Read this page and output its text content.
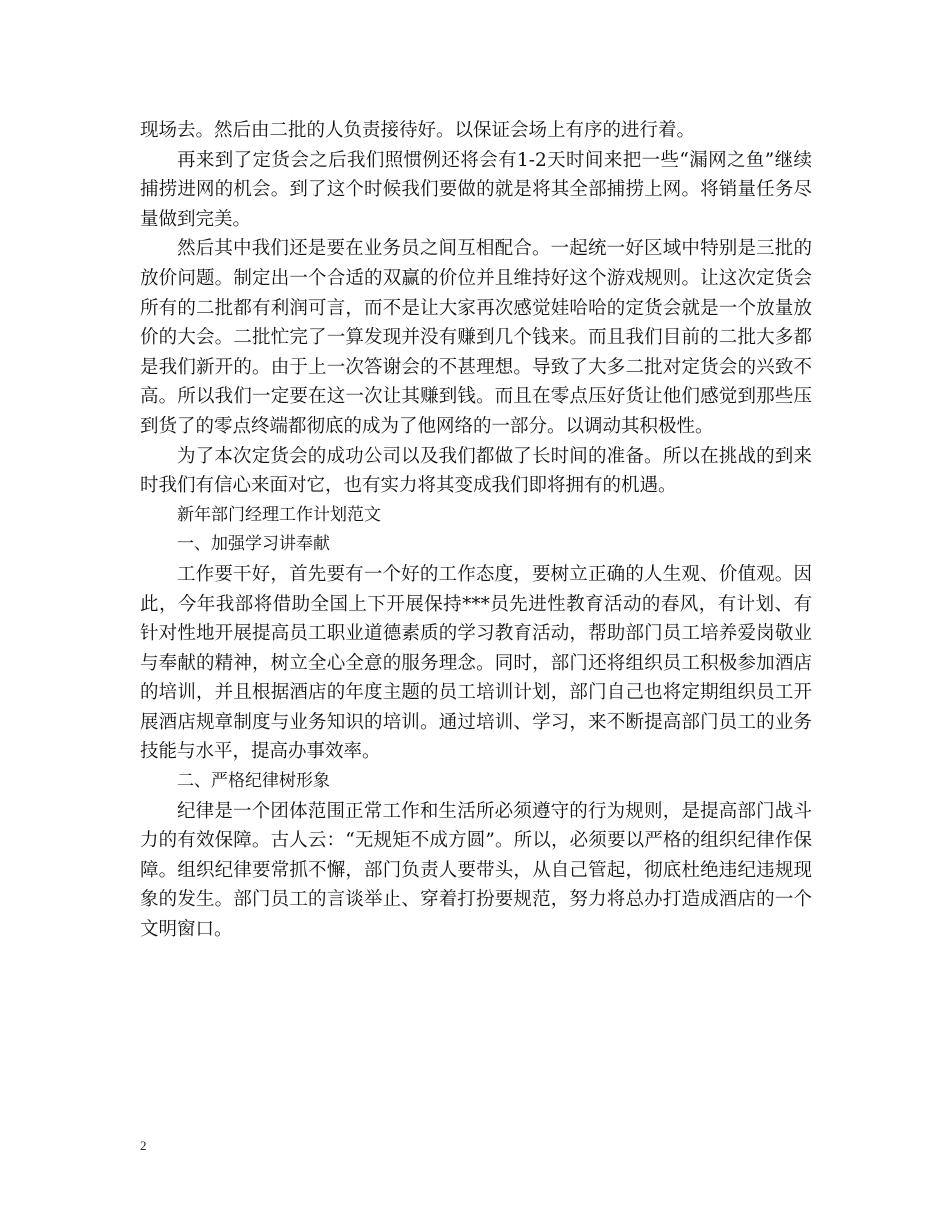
现场去。然后由二批的人负责接待好。以保证会场上有序的进行着。

再来到了定货会之后我们照惯例还将会有1-2天时间来把一些“漏网之鱼”继续捕捞进网的机会。到了这个时候我们要做的就是将其全部捕捞上网。将销量任务尽量做到完美。

然后其中我们还是要在业务员之间互相配合。一起统一好区域中特别是三批的放价问题。制定出一个合适的双赢的价位并且维持好这个游戏规则。让这次定货会所有的二批都有利润可言，而不是让大家再次感觉娃哈哈的定货会就是一个放量放价的大会。二批忙完了一算发现并没有赚到几个钱来。而且我们目前的二批大多都是我们新开的。由于上一次答谢会的不甚理想。导致了大多二批对定货会的兴致不高。所以我们一定要在这一次让其赚到钱。而且在零点压好货让他们感觉到那些压到货了的零点终端都彻底的成为了他网络的一部分。以调动其积极性。

为了本次定货会的成功公司以及我们都做了长时间的准备。所以在挑战的到来时我们有信心来面对它，也有实力将其变成我们即将拥有的机遇。

新年部门经理工作计划范文

一、加强学习讲奉献

工作要干好，首先要有一个好的工作态度，要树立正确的人生观、价值观。因此，今年我部将借助全国上下开展保持***员先进性教育活动的春风，有计划、有针对性地开展提高员工职业道德素质的学习教育活动，帮助部门员工培养爱岗敬业与奉献的精神，树立全心全意的服务理念。同时，部门还将组织员工积极参加酒店的培训，并且根据酒店的年度主题的员工培训计划，部门自己也将定期组织员工开展酒店规章制度与业务知识的培训。通过培训、学习，来不断提高部门员工的业务技能与水平，提高办事效率。

二、严格纪律树形象

纪律是一个团体范围正常工作和生活所必须遵守的行为规则，是提高部门战斗力的有效保障。古人云：“无规矩不成方圆”。所以，必须要以严格的组织纪律作保障。组织纪律要常抓不懈，部门负责人要带头，从自己管起，彻底杜绝违纪违规现象的发生。部门员工的言谈举止、穿着打扮要规范，努力将总办打造成酒店的一个文明窗口。

2
